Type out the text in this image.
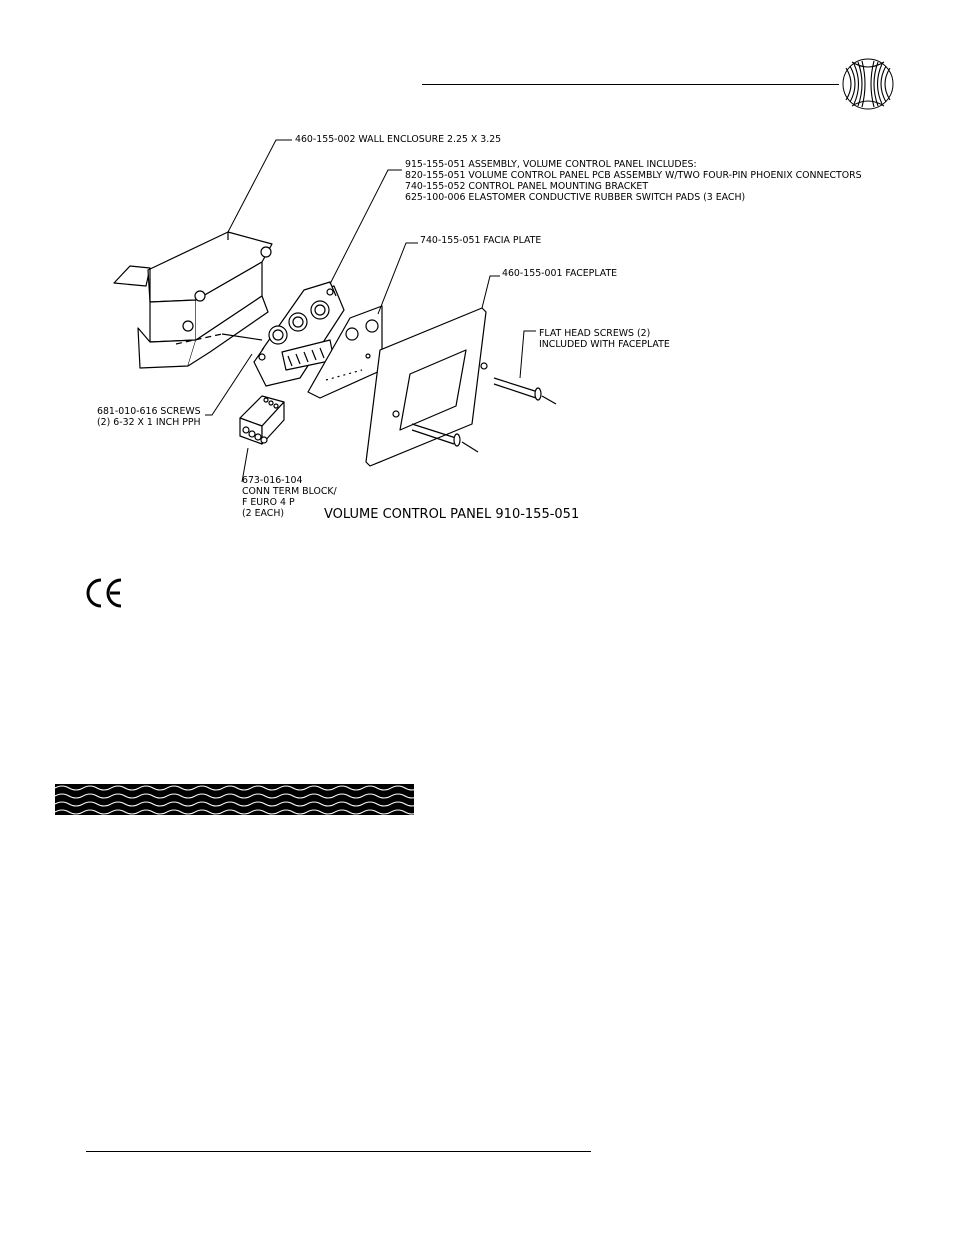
460-155-002 WALL ENCLOSURE 2.25 X 3.25
915-155-051 ASSEMBLY, VOLUME CONTROL PANEL INCLUDES:
820-155-051 VOLUME CONTROL PANEL PCB ASSEMBLY W/TWO FOUR-PIN PHOENIX CONNECTORS
740-155-052 CONTROL PANEL MOUNTING BRACKET
625-100-006 ELASTOMER CONDUCTIVE RUBBER SWITCH PADS (3 EACH)
740-155-051 FACIA PLATE
460-155-001 FACEPLATE
FLAT HEAD SCREWS (2)
INCLUDED WITH FACEPLATE
681-010-616 SCREWS
(2) 6-32 X 1 INCH PPH
673-016-104
CONN TERM BLOCK/
F EURO 4 P
(2 EACH)	VOLUME CONTROL PANEL 910-155-051
